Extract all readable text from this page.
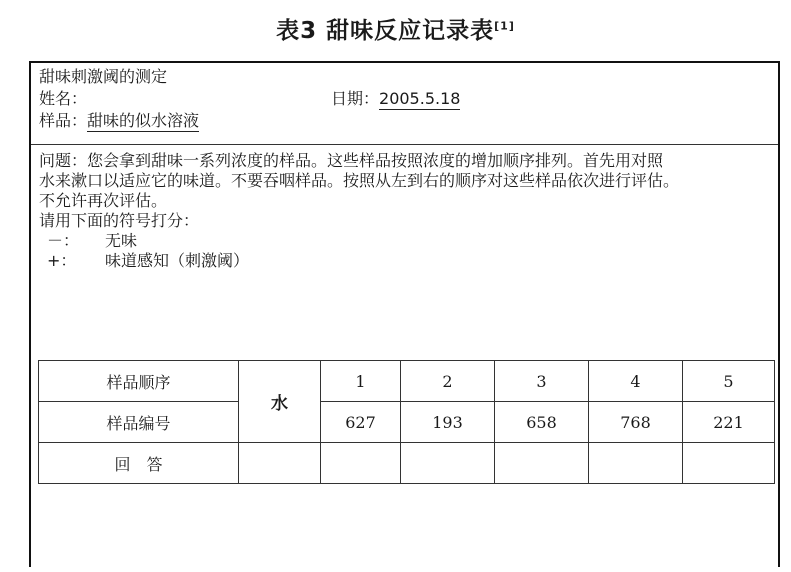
表3 甜味反应记录表[1]
甜味刺激阈的测定
姓名：	日期：2005.5.18
样品：甜味的似水溶液

问题：您会拿到甜味一系列浓度的样品。这些样品按照浓度的增加顺序排列。首先用对照

水来漱口以适应它的味道。不要吞咽样品。按照从左到右的顺序对这些样品依次进行评估。

不允许再次评估。

请用下面的符号打分：

－：	无味
+：	味道感知（刺激阈）
样品顺序	水	1	2	3	4	5
样品编号		627	193	658	768	221
回　答						
